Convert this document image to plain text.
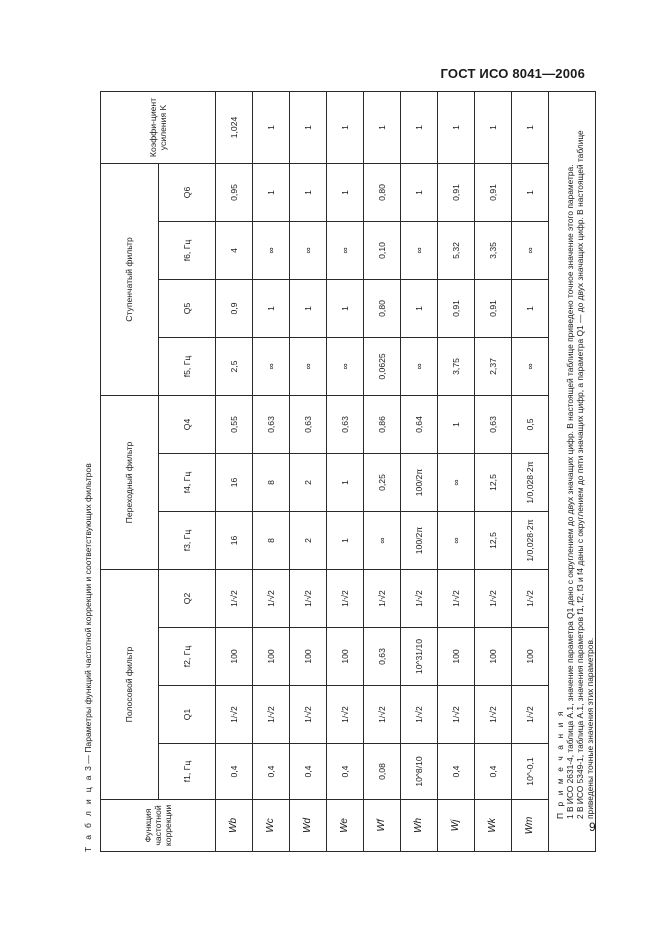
ГОСТ ИСО 8041—2006
Т а б л и ц а 3 — Параметры функций частотной коррекции и соответствующих фильтров
Функция частотной коррекции	Полосовой фильтр				Переходный фильтр			Ступенчатый фильтр				Коэффи-циент усиления K
	f1, Гц	Q1	f2, Гц	Q2	f3, Гц	f4, Гц	Q4	f5, Гц	Q5	f6, Гц	Q6	
Wb	0,4	1/√2	100	1/√2	16	16	0,55	2,5	0,9	4	0,95	1,024
Wc	0,4	1/√2	100	1/√2	8	8	0,63	∞	1	∞	1	1
Wd	0,4	1/√2	100	1/√2	2	2	0,63	∞	1	∞	1	1
We	0,4	1/√2	100	1/√2	1	1	0,63	∞	1	∞	1	1
Wf	0,08	1/√2	0,63	1/√2	∞	0,25	0,86	0,0625	0,80	0,10	0,80	1
Wh	10^8/10	1/√2	10^31/10	1/√2	100/2π	100/2π	0,64	∞	1	∞	1	1
Wj	0,4	1/√2	100	1/√2	∞	∞	1	3,75	0,91	5,32	0,91	1
Wk	0,4	1/√2	100	1/√2	12,5	12,5	0,63	2,37	0,91	3,35	0,91	1
Wm	10^-0,1	1/√2	100	1/√2	1/0,028·2π	1/0,028·2π	0,5	∞	1	∞	1	1

П р и м е ч а н и я 1 В ИСО 2631-4, таблица А.1, значение параметра Q1 дано с округлением до двух значащих цифр. В настоящей таблице приведено точное значение этого параметра. 2 В ИСО 5349-1, таблица А.1, значения параметров f1, f2, f3 и f4 даны с округлением до пяти значащих цифр, а параметра Q1 — до двух значащих цифр. В настоящей таблице приведены точные значения этих параметров.												
9
